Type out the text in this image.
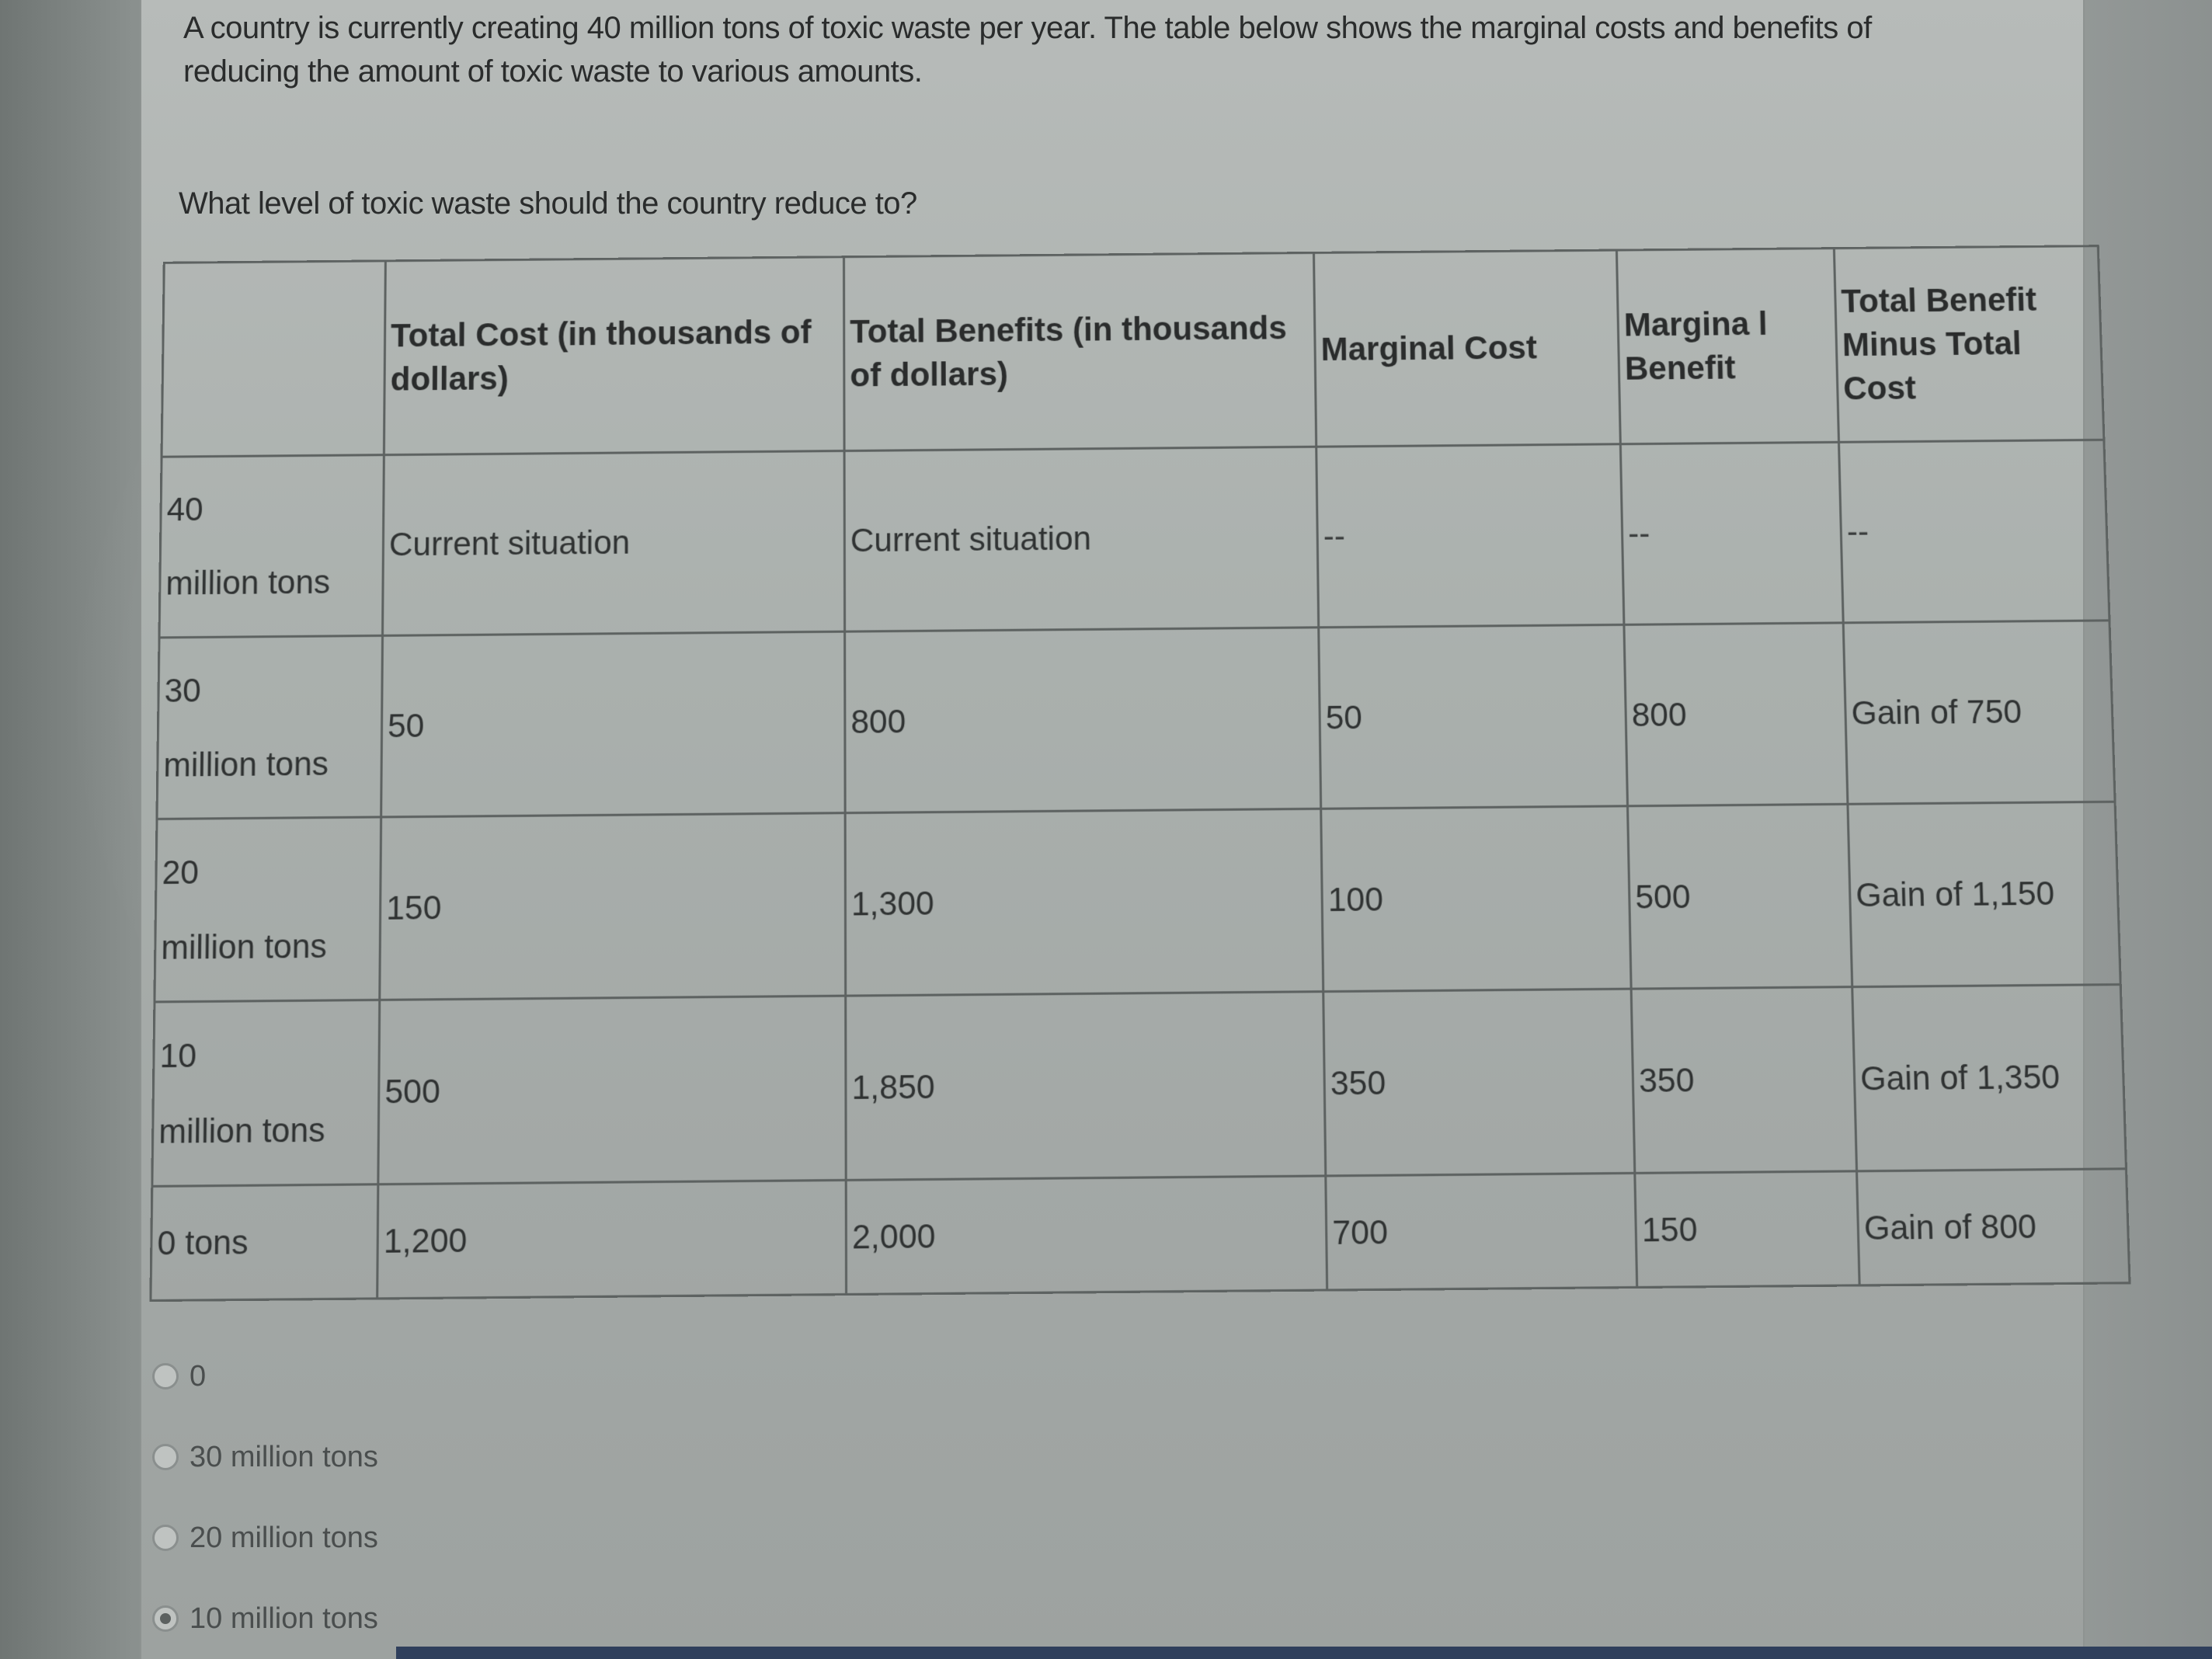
A country is currently creating 40 million tons of toxic waste per year. The table below shows the marginal costs and benefits of reducing the amount of toxic waste to various amounts.
What level of toxic waste should the country reduce to?
	Total Cost (in thousands of dollars)	Total Benefits (in thousands of dollars)	Marginal Cost	Margina l Benefit	Total Benefit Minus Total Cost

40
million tons	Current situation	Current situation	--	--	--

30
million tons	50	800	50	800	Gain of 750

20
million tons	150	1,300	100	500	Gain of 1,150

10
million tons	500	1,850	350	350	Gain of 1,350
0 tons	1,200	2,000	700	150	Gain of 800
0
30 million tons
20 million tons
10 million tons
